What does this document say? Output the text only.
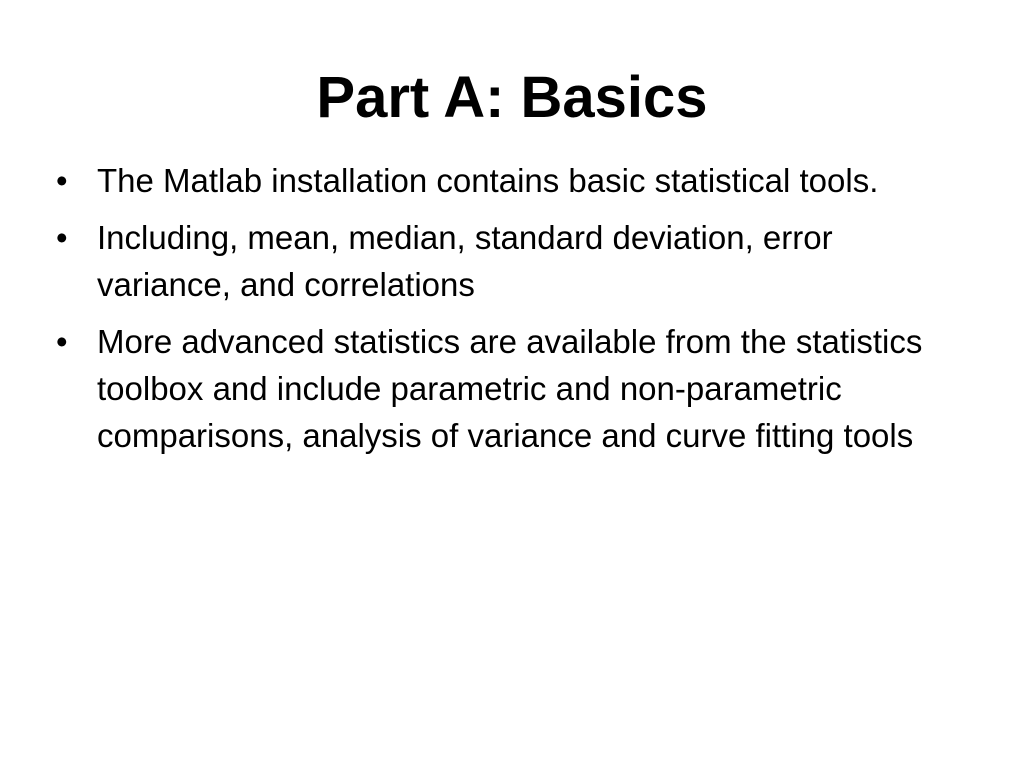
Part A: Basics
• The Matlab installation contains basic statistical tools.
• Including, mean, median, standard deviation, error variance, and correlations
• More advanced statistics are available from the statistics toolbox and include parametric and non-parametric comparisons, analysis of variance and curve fitting tools
